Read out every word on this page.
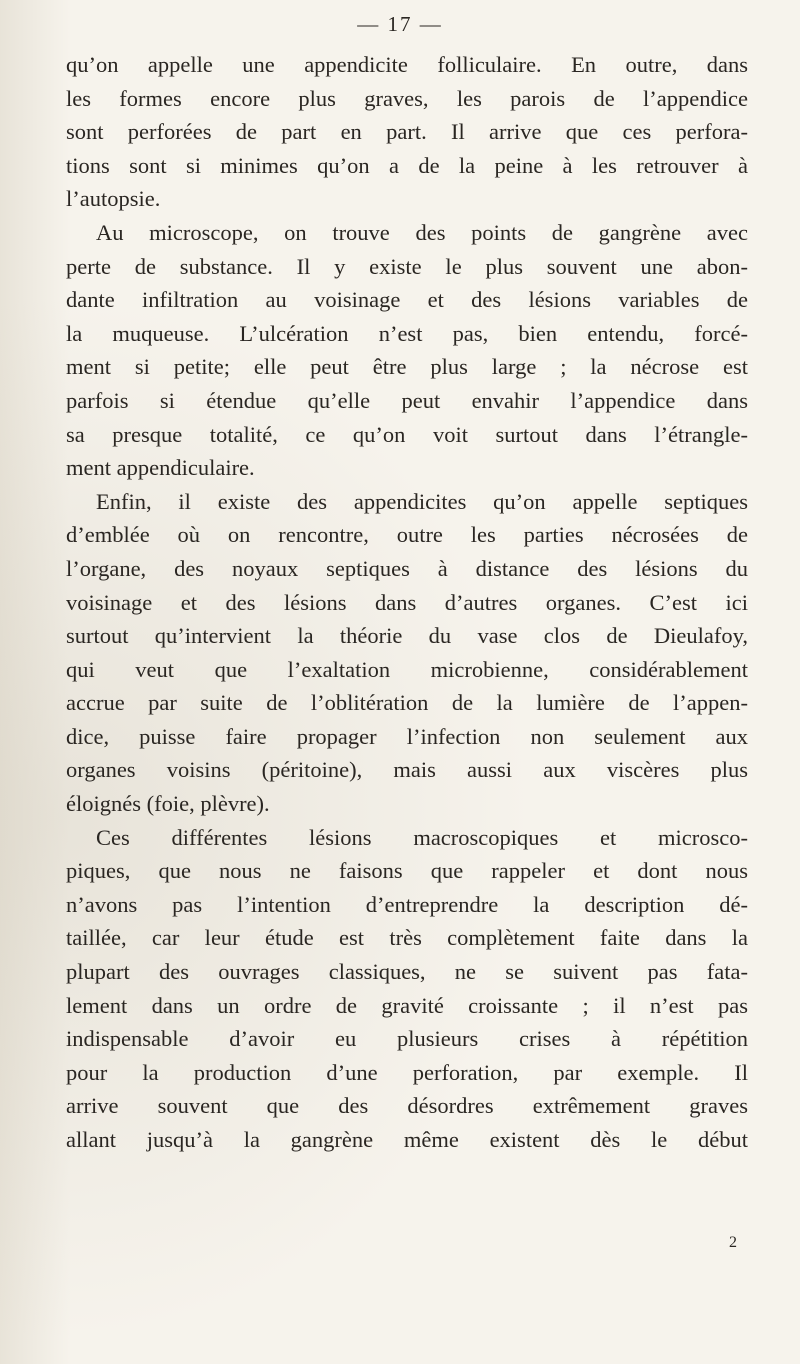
— 17 —
qu’on appelle une appendicite folliculaire. En outre, dans
les formes encore plus graves, les parois de l’appendice
sont perforées de part en part. Il arrive que ces perfora-
tions sont si minimes qu’on a de la peine à les retrouver à
l’autopsie.
Au microscope, on trouve des points de gangrène avec
perte de substance. Il y existe le plus souvent une abon-
dante infiltration au voisinage et des lésions variables de
la muqueuse. L’ulcération n’est pas, bien entendu, forcé-
ment si petite; elle peut être plus large ; la nécrose est
parfois si étendue qu’elle peut envahir l’appendice dans
sa presque totalité, ce qu’on voit surtout dans l’étrangle-
ment appendiculaire.
Enfin, il existe des appendicites qu’on appelle septiques
d’emblée où on rencontre, outre les parties nécrosées de
l’organe, des noyaux septiques à distance des lésions du
voisinage et des lésions dans d’autres organes. C’est ici
surtout qu’intervient la théorie du vase clos de Dieulafoy,
qui veut que l’exaltation microbienne, considérablement
accrue par suite de l’oblitération de la lumière de l’appen-
dice, puisse faire propager l’infection non seulement aux
organes voisins (péritoine), mais aussi aux viscères plus
éloignés (foie, plèvre).
Ces différentes lésions macroscopiques et microsco-
piques, que nous ne faisons que rappeler et dont nous
n’avons pas l’intention d’entreprendre la description dé-
taillée, car leur étude est très complètement faite dans la
plupart des ouvrages classiques, ne se suivent pas fata-
lement dans un ordre de gravité croissante ; il n’est pas
indispensable d’avoir eu plusieurs crises à répétition
pour la production d’une perforation, par exemple. Il
arrive souvent que des désordres extrêmement graves
allant jusqu’à la gangrène même existent dès le début
2
